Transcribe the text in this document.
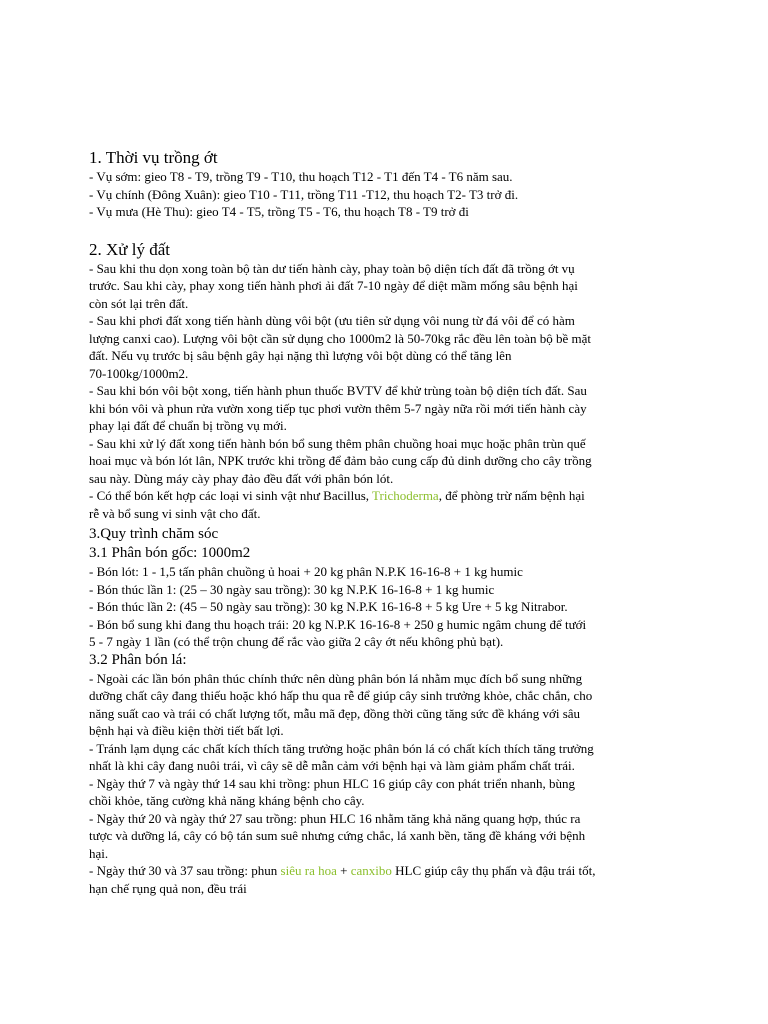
1. Thời vụ trồng ớt

- Vụ sớm: gieo T8 - T9, trồng T9 - T10, thu hoạch T12 - T1 đến T4 - T6 năm sau.

- Vụ chính (Đông Xuân): gieo T10 - T11, trồng T11 -T12, thu hoạch T2- T3 trở đi.

- Vụ mưa (Hè Thu): gieo T4 - T5, trồng T5 - T6, thu hoạch T8 - T9 trở đi

2. Xử lý đất

- Sau khi thu dọn xong toàn bộ tàn dư tiến hành cày, phay toàn bộ diện tích đất đã trồng ớt vụ

trước. Sau khi cày, phay xong tiến hành phơi ải đất 7-10 ngày để diệt mầm mống sâu bệnh hại

còn sót lại trên đất.

- Sau khi phơi đất xong tiến hành dùng vôi bột (ưu tiên sử dụng vôi nung từ đá vôi để có hàm

lượng canxi cao). Lượng vôi bột cần sử dụng cho 1000m2 là 50-70kg rắc đều lên toàn bộ bề mặt

đất. Nếu vụ trước bị sâu bệnh gây hại nặng thì lượng vôi bột dùng có thể tăng lên

70-100kg/1000m2.

- Sau khi bón vôi bột xong, tiến hành phun thuốc BVTV để khử trùng toàn bộ diện tích đất. Sau

khi bón vôi và phun rửa vườn xong tiếp tục phơi vườn thêm 5-7 ngày nữa rồi mới tiến hành cày

phay lại đất để chuẩn bị trồng vụ mới.

- Sau khi xử lý đất xong tiến hành bón bổ sung thêm phân chuồng hoai mục hoặc phân trùn quế

hoai mục và bón lót lân, NPK trước khi trồng để đảm bảo cung cấp đủ dinh dưỡng cho cây trồng

sau này. Dùng máy cày phay đảo đều đất với phân bón lót.

- Có thể bón kết hợp các loại vi sinh vật như Bacillus, Trichoderma, để phòng trừ nấm bệnh hại

rễ và bổ sung vi sinh vật cho đất.

3.Quy trình chăm sóc

3.1 Phân bón gốc: 1000m2

- Bón lót: 1 - 1,5 tấn phân chuồng ủ hoai + 20 kg phân N.P.K 16-16-8 + 1 kg humic

- Bón thúc lần 1: (25 – 30 ngày sau trồng): 30 kg N.P.K 16-16-8 + 1 kg humic

- Bón thúc lần 2: (45 – 50 ngày sau trồng): 30 kg N.P.K 16-16-8 + 5 kg Ure + 5 kg Nitrabor.

- Bón bổ sung khi đang thu hoạch trái: 20 kg N.P.K 16-16-8 + 250 g humic ngâm chung để tưới

5 - 7 ngày 1 lần (có thể trộn chung để rắc vào giữa 2 cây ớt nếu không phủ bạt).

3.2 Phân bón lá:

- Ngoài các lần bón phân thúc chính thức nên dùng phân bón lá nhằm mục đích bổ sung những

dưỡng chất cây đang thiếu hoặc khó hấp thu qua rễ để giúp cây sinh trưởng khỏe, chắc chắn, cho

năng suất cao và trái có chất lượng tốt, mẫu mã đẹp, đồng thời cũng tăng sức đề kháng với sâu

bệnh hại và điều kiện thời tiết bất lợi.

- Tránh lạm dụng các chất kích thích tăng trưởng hoặc phân bón lá có chất kích thích tăng trưởng

nhất là khi cây đang nuôi trái, vì cây sẽ dễ mẫn cảm với bệnh hại và làm giảm phẩm chất trái.

- Ngày thứ 7 và ngày thứ 14 sau khi trồng: phun HLC 16 giúp cây con phát triển nhanh, bùng

chồi khỏe, tăng cường khả năng kháng bệnh cho cây.

- Ngày thứ 20 và ngày thứ 27 sau trồng: phun HLC 16 nhằm tăng khả năng quang hợp, thúc ra

tược và dưỡng lá, cây có bộ tán sum suê nhưng cứng chắc, lá xanh bền, tăng đề kháng với bệnh

hại.

- Ngày thứ 30 và 37 sau trồng: phun siêu ra hoa + canxibo HLC giúp cây thụ phấn và đậu trái tốt,

hạn chế rụng quả non, đều trái
